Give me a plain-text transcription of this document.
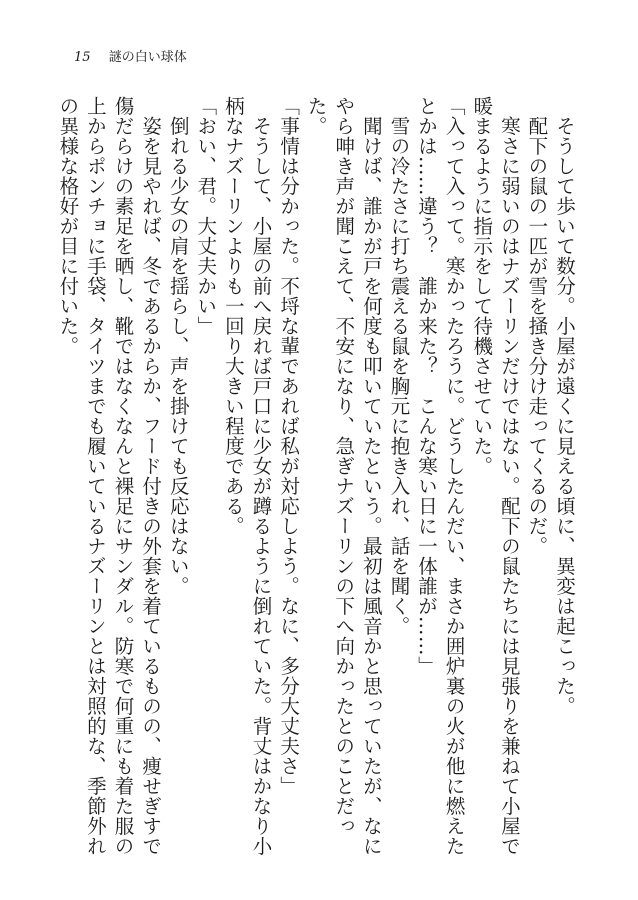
15 謎の白い球体

　そうして歩いて数分。小屋が遠くに見える頃に、異変は起こった。

　配下の鼠の一匹が雪を掻き分け走ってくるのだ。

　寒さに弱いのはナズーリンだけではない。配下の鼠たちには見張りを兼ねて小屋で暖まるように指示をして待機させていた。

「入って入って。寒かったろうに。どうしたんだい、まさか囲炉裏の火が他に燃えたとかは……違う？　誰か来た？　こんな寒い日に一体誰が……」

　雪の冷たさに打ち震える鼠を胸元に抱き入れ、話を聞く。

　聞けば、誰かが戸を何度も叩いていたという。最初は風音かと思っていたが、なにやら呻き声が聞こえて、不安になり、急ぎナズーリンの下へ向かったとのことだった。

「事情は分かった。不埒な輩であれば私が対応しよう。なに、多分大丈夫さ」

　そうして、小屋の前へ戻れば戸口に少女が蹲るように倒れていた。背丈はかなり小柄なナズーリンよりも一回り大きい程度である。

「おい、君。大丈夫かい」

　倒れる少女の肩を揺らし、声を掛けても反応はない。

　姿を見やれば、冬であるからか、フード付きの外套を着ているものの、痩せぎすで傷だらけの素足を晒し、靴ではなくなんと裸足にサンダル。防寒で何重にも着た服の上からポンチョに手袋、タイツまでも履いているナズーリンとは対照的な、季節外れの異様な格好が目に付いた。
